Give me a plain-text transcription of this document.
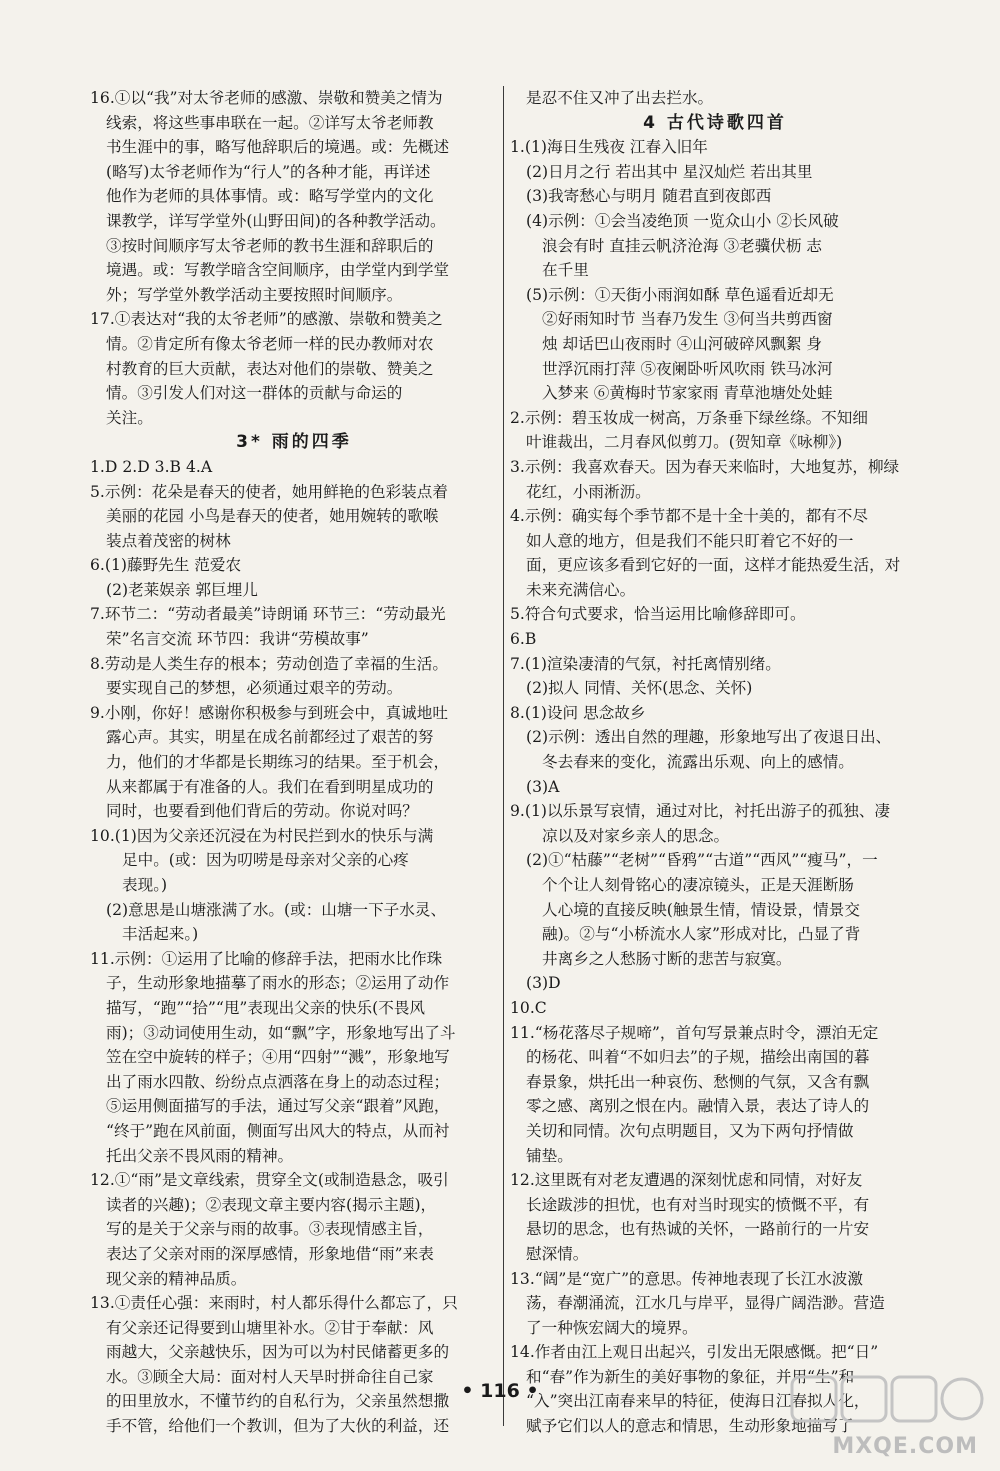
16.①以“我”对太爷老师的感激、崇敬和赞美之情为
线索，将这些事串联在一起。②详写太爷老师教
书生涯中的事，略写他辞职后的境遇。或：先概述
(略写)太爷老师作为“行人”的各种才能，再详述
他作为老师的具体事情。或：略写学堂内的文化
课教学，详写学堂外(山野田间)的各种教学活动。
③按时间顺序写太爷老师的教书生涯和辞职后的
境遇。或：写教学暗含空间顺序，由学堂内到学堂
外；写学堂外教学活动主要按照时间顺序。
17.①表达对“我的太爷老师”的感激、崇敬和赞美之
情。②肯定所有像太爷老师一样的民办教师对农
村教育的巨大贡献，表达对他们的崇敬、赞美之
情。③引发人们对这一群体的贡献与命运的
关注。
3* 雨的四季
1.D 2.D 3.B 4.A
5.示例：花朵是春天的使者，她用鲜艳的色彩装点着
美丽的花园 小鸟是春天的使者，她用婉转的歌喉
装点着茂密的树林
6.(1)藤野先生 范爱农
(2)老莱娱亲 郭巨埋儿
7.环节二：“劳动者最美”诗朗诵 环节三：“劳动最光
荣”名言交流 环节四：我讲“劳模故事”
8.劳动是人类生存的根本；劳动创造了幸福的生活。
要实现自己的梦想，必须通过艰辛的劳动。
9.小刚，你好！感谢你积极参与到班会中，真诚地吐
露心声。其实，明星在成名前都经过了艰苦的努
力，他们的才华都是长期练习的结果。至于机会，
从来都属于有准备的人。我们在看到明星成功的
同时，也要看到他们背后的劳动。你说对吗？
10.(1)因为父亲还沉浸在为村民拦到水的快乐与满
足中。(或：因为叨唠是母亲对父亲的心疼
表现。)
(2)意思是山塘涨满了水。(或：山塘一下子水灵、
丰活起来。)
11.示例：①运用了比喻的修辞手法，把雨水比作珠
子，生动形象地描摹了雨水的形态；②运用了动作
描写，“跑”“拾”“甩”表现出父亲的快乐(不畏风
雨)；③动词使用生动，如“飘”字，形象地写出了斗
笠在空中旋转的样子；④用“四射”“溅”，形象地写
出了雨水四散、纷纷点点洒落在身上的动态过程；
⑤运用侧面描写的手法，通过写父亲“跟着”风跑，
“终于”跑在风前面，侧面写出风大的特点，从而衬
托出父亲不畏风雨的精神。
12.①“雨”是文章线索，贯穿全文(或制造悬念，吸引
读者的兴趣)；②表现文章主要内容(揭示主题)，
写的是关于父亲与雨的故事。③表现情感主旨，
表达了父亲对雨的深厚感情，形象地借“雨”来表
现父亲的精神品质。
13.①责任心强：来雨时，村人都乐得什么都忘了，只
有父亲还记得要到山塘里补水。②甘于奉献：风
雨越大，父亲越快乐，因为可以为村民储蓄更多的
水。③顾全大局：面对村人天旱时拼命往自己家
的田里放水，不懂节约的自私行为，父亲虽然想撒
手不管，给他们一个教训，但为了大伙的利益，还
是忍不住又冲了出去拦水。
4 古代诗歌四首
1.(1)海日生残夜 江春入旧年
(2)日月之行 若出其中 星汉灿烂 若出其里
(3)我寄愁心与明月 随君直到夜郎西
(4)示例：①会当凌绝顶 一览众山小 ②长风破
浪会有时 直挂云帆济沧海 ③老骥伏枥 志
在千里
(5)示例：①天街小雨润如酥 草色遥看近却无
②好雨知时节 当春乃发生 ③何当共剪西窗
烛 却话巴山夜雨时 ④山河破碎风飘絮 身
世浮沉雨打萍 ⑤夜阑卧听风吹雨 铁马冰河
入梦来 ⑥黄梅时节家家雨 青草池塘处处蛙
2.示例：碧玉妆成一树高，万条垂下绿丝绦。不知细
叶谁裁出，二月春风似剪刀。(贺知章《咏柳》)
3.示例：我喜欢春天。因为春天来临时，大地复苏，柳绿
花红，小雨淅沥。
4.示例：确实每个季节都不是十全十美的，都有不尽
如人意的地方，但是我们不能只盯着它不好的一
面，更应该多看到它好的一面，这样才能热爱生活，对
未来充满信心。
5.符合句式要求，恰当运用比喻修辞即可。
6.B
7.(1)渲染凄清的气氛，衬托离情别绪。
(2)拟人 同情、关怀(思念、关怀)
8.(1)设问 思念故乡
(2)示例：透出自然的理趣，形象地写出了夜退日出、
冬去春来的变化，流露出乐观、向上的感情。
(3)A
9.(1)以乐景写哀情，通过对比，衬托出游子的孤独、凄
凉以及对家乡亲人的思念。
(2)①“枯藤”“老树”“昏鸦”“古道”“西风”“瘦马”，一
个个让人刻骨铭心的凄凉镜头，正是天涯断肠
人心境的直接反映(触景生情，情设景，情景交
融)。②与“小桥流水人家”形成对比，凸显了背
井离乡之人愁肠寸断的悲苦与寂寞。
(3)D
10.C
11.“杨花落尽子规啼”，首句写景兼点时令，漂泊无定
的杨花、叫着“不如归去”的子规，描绘出南国的暮
春景象，烘托出一种哀伤、愁恻的气氛，又含有飘
零之感、离别之恨在内。融情入景，表达了诗人的
关切和同情。次句点明题目，又为下两句抒情做
铺垫。
12.这里既有对老友遭遇的深刻忧虑和同情，对好友
长途跋涉的担忧，也有对当时现实的愤慨不平，有
悬切的思念，也有热诚的关怀，一路前行的一片安
慰深情。
13.“阔”是“宽广”的意思。传神地表现了长江水波激
荡，春潮涌流，江水几与岸平，显得广阔浩渺。营造
了一种恢宏阔大的境界。
14.作者由江上观日出起兴，引发出无限感慨。把“日”
和“春”作为新生的美好事物的象征，并用“生”和
“入”突出江南春来早的特征，使海日江春拟人化，
赋予它们以人的意志和情思，生动形象地描写了
• 116 •
MXQE.COM
